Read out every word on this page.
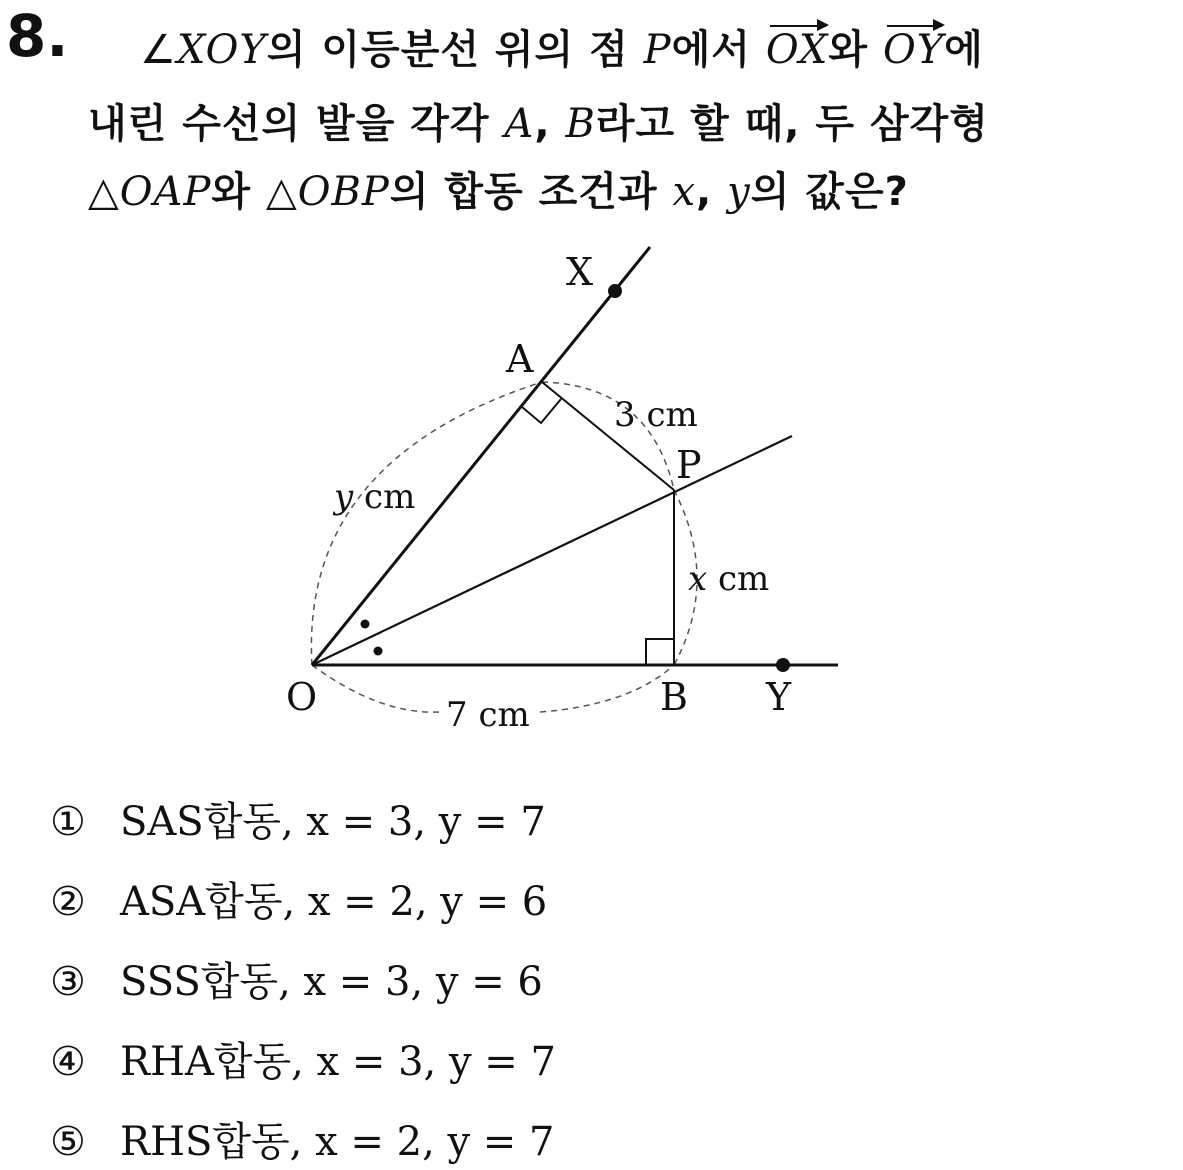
8. ∠XOY의 이등분선 위의 점 P에서 OX와 OY에
내린 수선의 발을 각각 A, B라고 할 때, 두 삼각형
△OAP와 △OBP의 합동 조건과 x, y의 값은?
X
A
P
O	B Y
3 cm
y cm
x cm
7 cm
① SAS합동, x = 3, y = 7
② ASA합동, x = 2, y = 6
③ SSS합동, x = 3, y = 6
④ RHA합동, x = 3, y = 7
⑤ RHS합동, x = 2, y = 7
